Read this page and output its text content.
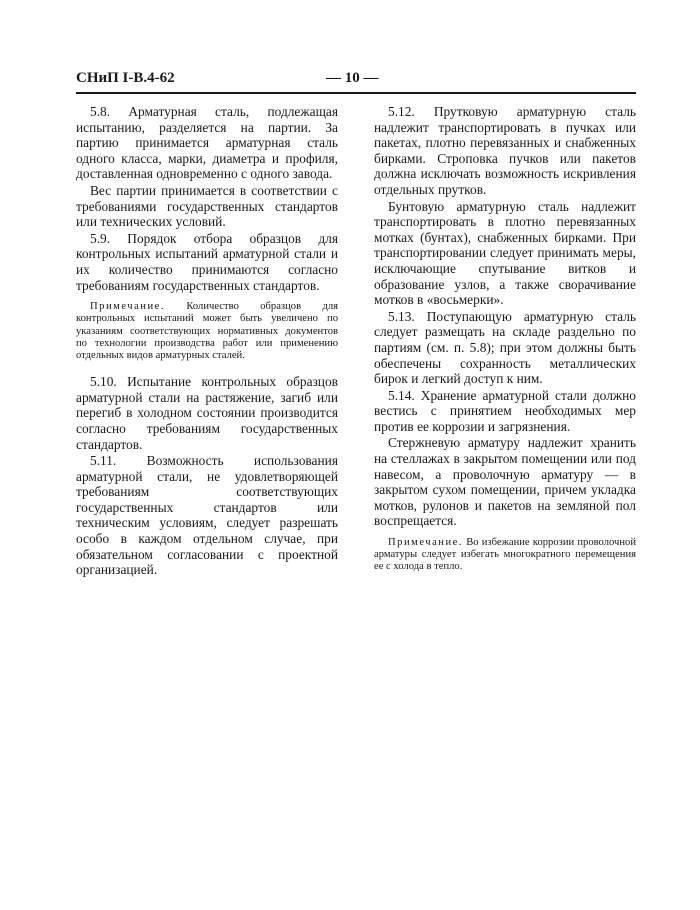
СНиП I-В.4-62	— 10 —

5.8. Арматурная сталь, подлежащая испытанию, разделяется на партии. За партию принимается арматурная сталь одного класса, марки, диаметра и профиля, доставленная одновременно с одного завода.

Вес партии принимается в соответствии с требованиями государственных стандартов или технических условий.

5.9. Порядок отбора образцов для контрольных испытаний арматурной стали и их количество принимаются согласно требованиям государственных стандартов.

Примечание. Количество образцов для контрольных испытаний может быть увеличено по указаниям соответствующих нормативных документов по технологии производства работ или применению отдельных видов арматурных сталей.

5.10. Испытание контрольных образцов арматурной стали на растяжение, загиб или перегиб в холодном состоянии производится согласно требованиям государственных стандартов.

5.11. Возможность использования арматурной стали, не удовлетворяющей требованиям соответствующих государственных стандартов или техническим условиям, следует разрешать особо в каждом отдельном случае, при обязательном согласовании с проектной организацией.

5.12. Прутковую арматурную сталь надлежит транспортировать в пучках или пакетах, плотно перевязанных и снабженных бирками. Строповка пучков или пакетов должна исключать возможность искривления отдельных прутков.

Бунтовую арматурную сталь надлежит транспортировать в плотно перевязанных мотках (бунтах), снабженных бирками. При транспортировании следует принимать меры, исключающие спутывание витков и образование узлов, а также сворачивание мотков в «восьмерки».

5.13. Поступающую арматурную сталь следует размещать на складе раздельно по партиям (см. п. 5.8); при этом должны быть обеспечены сохранность металлических бирок и легкий доступ к ним.

5.14. Хранение арматурной стали должно вестись с принятием необходимых мер против ее коррозии и загрязнения.

Стержневую арматуру надлежит хранить на стеллажах в закрытом помещении или под навесом, а проволочную арматуру — в закрытом сухом помещении, причем укладка мотков, рулонов и пакетов на земляной пол воспрещается.

Примечание. Во избежание коррозии проволочной арматуры следует избегать многократного перемещения ее с холода в тепло.
